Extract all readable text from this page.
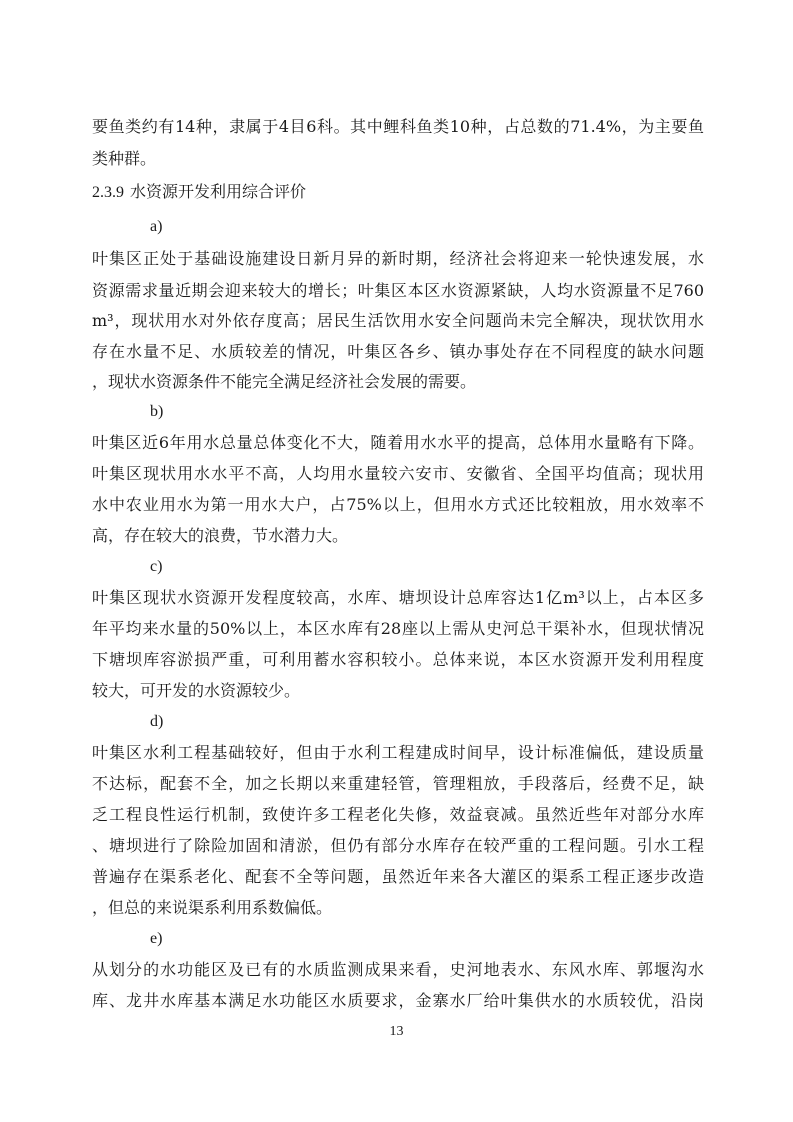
要鱼类约有14种，隶属于4目6科。其中鲤科鱼类10种，占总数的71.4%，为主要鱼
类种群。
2.3.9 水资源开发利用综合评价
a)
叶集区正处于基础设施建设日新月异的新时期，经济社会将迎来一轮快速发展，水
资源需求量近期会迎来较大的增长；叶集区本区水资源紧缺，人均水资源量不足760
m³，现状用水对外依存度高；居民生活饮用水安全问题尚未完全解决，现状饮用水
存在水量不足、水质较差的情况，叶集区各乡、镇办事处存在不同程度的缺水问题
，现状水资源条件不能完全满足经济社会发展的需要。
b)
叶集区近6年用水总量总体变化不大，随着用水水平的提高，总体用水量略有下降。
叶集区现状用水水平不高，人均用水量较六安市、安徽省、全国平均值高；现状用
水中农业用水为第一用水大户，占75%以上，但用水方式还比较粗放，用水效率不
高，存在较大的浪费，节水潜力大。
c)
叶集区现状水资源开发程度较高，水库、塘坝设计总库容达1亿m³以上，占本区多
年平均来水量的50%以上，本区水库有28座以上需从史河总干渠补水，但现状情况
下塘坝库容淤损严重，可利用蓄水容积较小。总体来说，本区水资源开发利用程度
较大，可开发的水资源较少。
d)
叶集区水利工程基础较好，但由于水利工程建成时间早，设计标准偏低，建设质量
不达标，配套不全，加之长期以来重建轻管，管理粗放，手段落后，经费不足，缺
乏工程良性运行机制，致使许多工程老化失修，效益衰减。虽然近些年对部分水库
、塘坝进行了除险加固和清淤，但仍有部分水库存在较严重的工程问题。引水工程
普遍存在渠系老化、配套不全等问题，虽然近年来各大灌区的渠系工程正逐步改造
，但总的来说渠系利用系数偏低。
e)
从划分的水功能区及已有的水质监测成果来看，史河地表水、东风水库、郭堰沟水
库、龙井水库基本满足水功能区水质要求，金寨水厂给叶集供水的水质较优，沿岗
13
